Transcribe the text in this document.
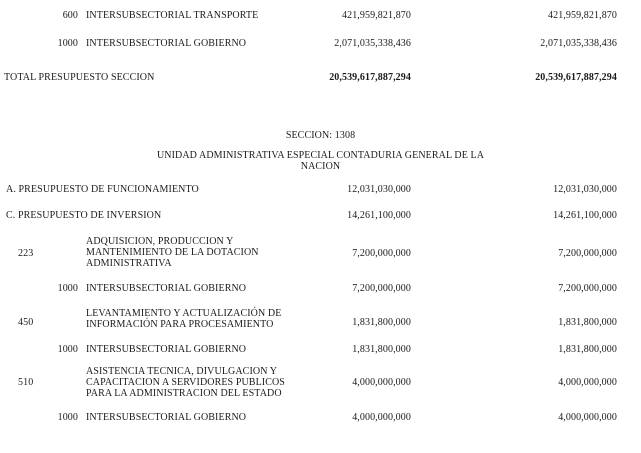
600 INTERSUBSECTORIAL TRANSPORTE	421,959,821,870	421,959,821,870
1000 INTERSUBSECTORIAL GOBIERNO	2,071,035,338,436	2,071,035,338,436
TOTAL PRESUPUESTO SECCION	20,539,617,887,294	20,539,617,887,294
SECCION: 1308
UNIDAD ADMINISTRATIVA ESPECIAL CONTADURIA GENERAL DE LA
NACION
A. PRESUPUESTO DE FUNCIONAMIENTO	12,031,030,000	12,031,030,000
C. PRESUPUESTO DE INVERSION	14,261,100,000	14,261,100,000
223
ADQUISICION, PRODUCCION Y
MANTENIMIENTO DE LA DOTACION
ADMINISTRATIVA
7,200,000,000	7,200,000,000
1000 INTERSUBSECTORIAL GOBIERNO	7,200,000,000	7,200,000,000
450
LEVANTAMIENTO Y ACTUALIZACIÓN DE
INFORMACIÓN PARA PROCESAMIENTO	1,831,800,000	1,831,800,000
1000 INTERSUBSECTORIAL GOBIERNO	1,831,800,000	1,831,800,000
510
ASISTENCIA TECNICA, DIVULGACION Y
CAPACITACION A SERVIDORES PUBLICOS
PARA LA ADMINISTRACION DEL ESTADO
4,000,000,000	4,000,000,000
1000 INTERSUBSECTORIAL GOBIERNO	4,000,000,000	4,000,000,000
